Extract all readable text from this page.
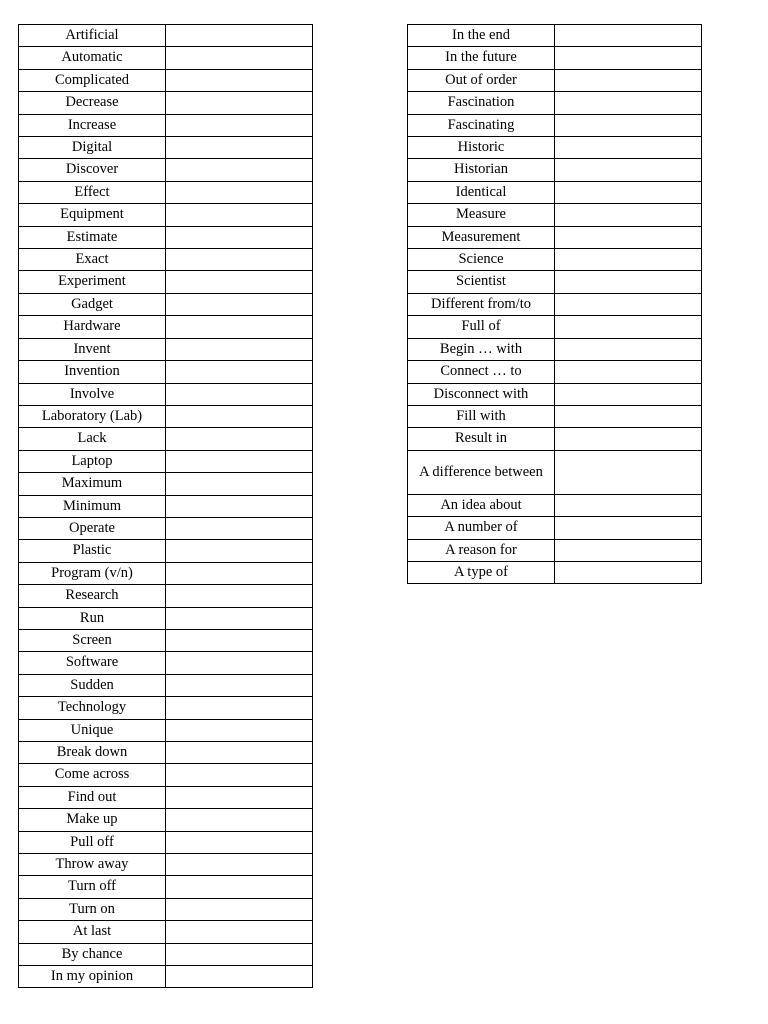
Artificial	
Automatic	
Complicated	
Decrease	
Increase	
Digital	
Discover	
Effect	
Equipment	
Estimate	
Exact	
Experiment	
Gadget	
Hardware	
Invent	
Invention	
Involve	
Laboratory (Lab)	
Lack	
Laptop	
Maximum	
Minimum	
Operate	
Plastic	
Program (v/n)	
Research	
Run	
Screen	
Software	
Sudden	
Technology	
Unique	
Break down	
Come across	
Find out	
Make up	
Pull off	
Throw away	
Turn off	
Turn on	
At last	
By chance	
In my opinion	
In the end	
In the future	
Out of order	
Fascination	
Fascinating	
Historic	
Historian	
Identical	
Measure	
Measurement	
Science	
Scientist	
Different from/to	
Full of	
Begin … with	
Connect … to	
Disconnect with	
Fill with	
Result in	
A difference between	
An idea about	
A number of	
A reason for	
A type of	
